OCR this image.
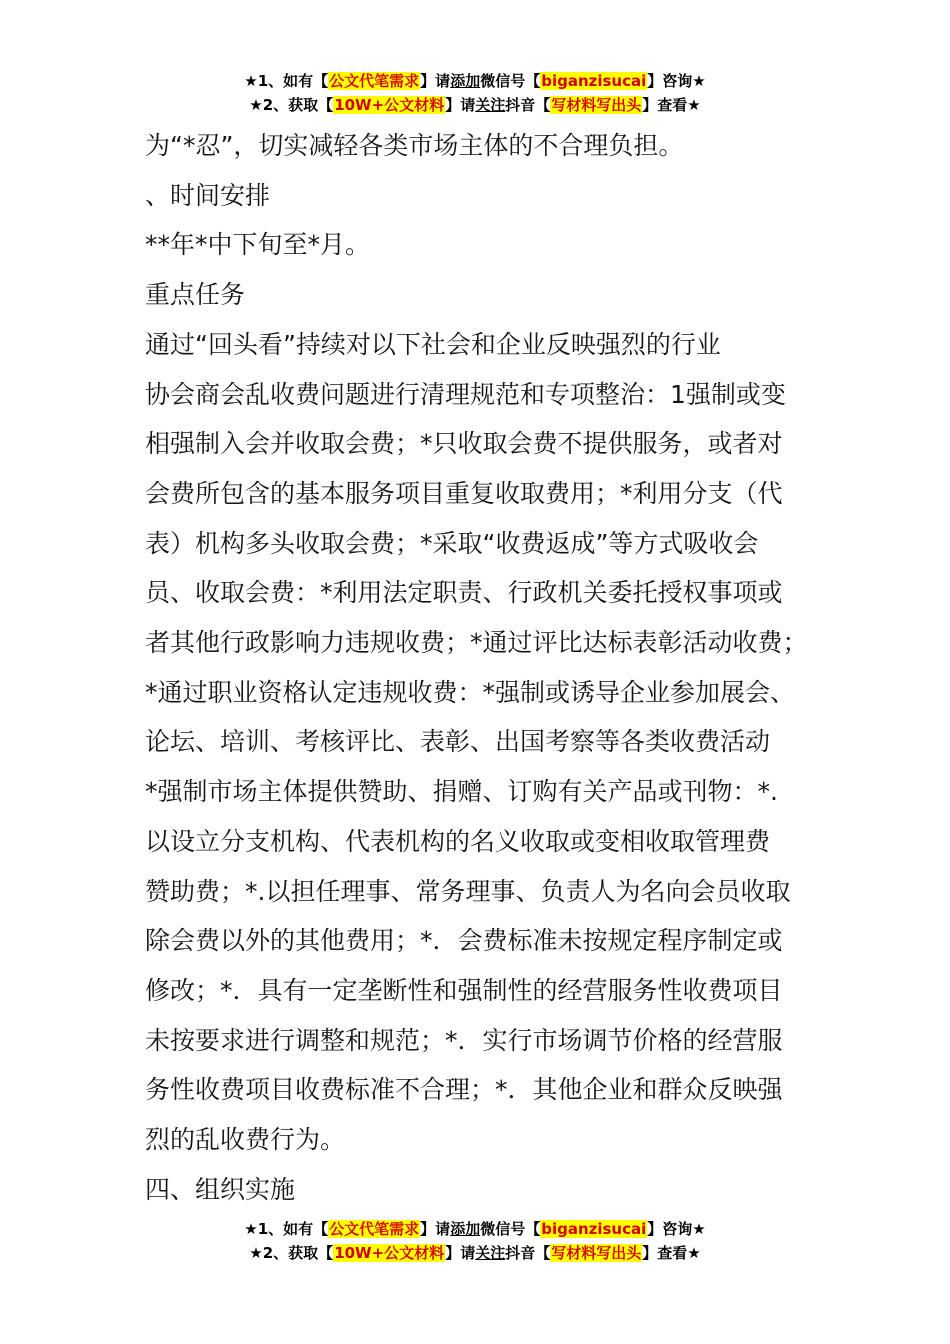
★1、如有【公文代笔需求】请添加微信号【biganzisucai】咨询★
★2、获取【10W+公文材料】请关注抖音【写材料写出头】查看★
为“*忍”，切实减轻各类市场主体的不合理负担。
、时间安排
**年*中下旬至*月。
重点任务
通过“回头看”持续对以下社会和企业反映强烈的行业
协会商会乱收费问题进行清理规范和专项整治：1强制或变
相强制入会并收取会费；*只收取会费不提供服务，或者对
会费所包含的基本服务项目重复收取费用；*利用分支（代
表）机构多头收取会费；*采取“收费返成”等方式吸收会
员、收取会费：*利用法定职责、行政机关委托授权事项或
者其他行政影响力违规收费；*通过评比达标表彰活动收费；
*通过职业资格认定违规收费：*强制或诱导企业参加展会、
论坛、培训、考核评比、表彰、出国考察等各类收费活动
*强制市场主体提供赞助、捐赠、订购有关产品或刊物：*.
以设立分支机构、代表机构的名义收取或变相收取管理费
赞助费；*.以担任理事、常务理事、负责人为名向会员收取
除会费以外的其他费用；*．会费标准未按规定程序制定或
修改；*．具有一定垄断性和强制性的经营服务性收费项目
未按要求进行调整和规范；*．实行市场调节价格的经营服
务性收费项目收费标准不合理；*．其他企业和群众反映强
烈的乱收费行为。
四、组织实施
★1、如有【公文代笔需求】请添加微信号【biganzisucai】咨询★
★2、获取【10W+公文材料】请关注抖音【写材料写出头】查看★
